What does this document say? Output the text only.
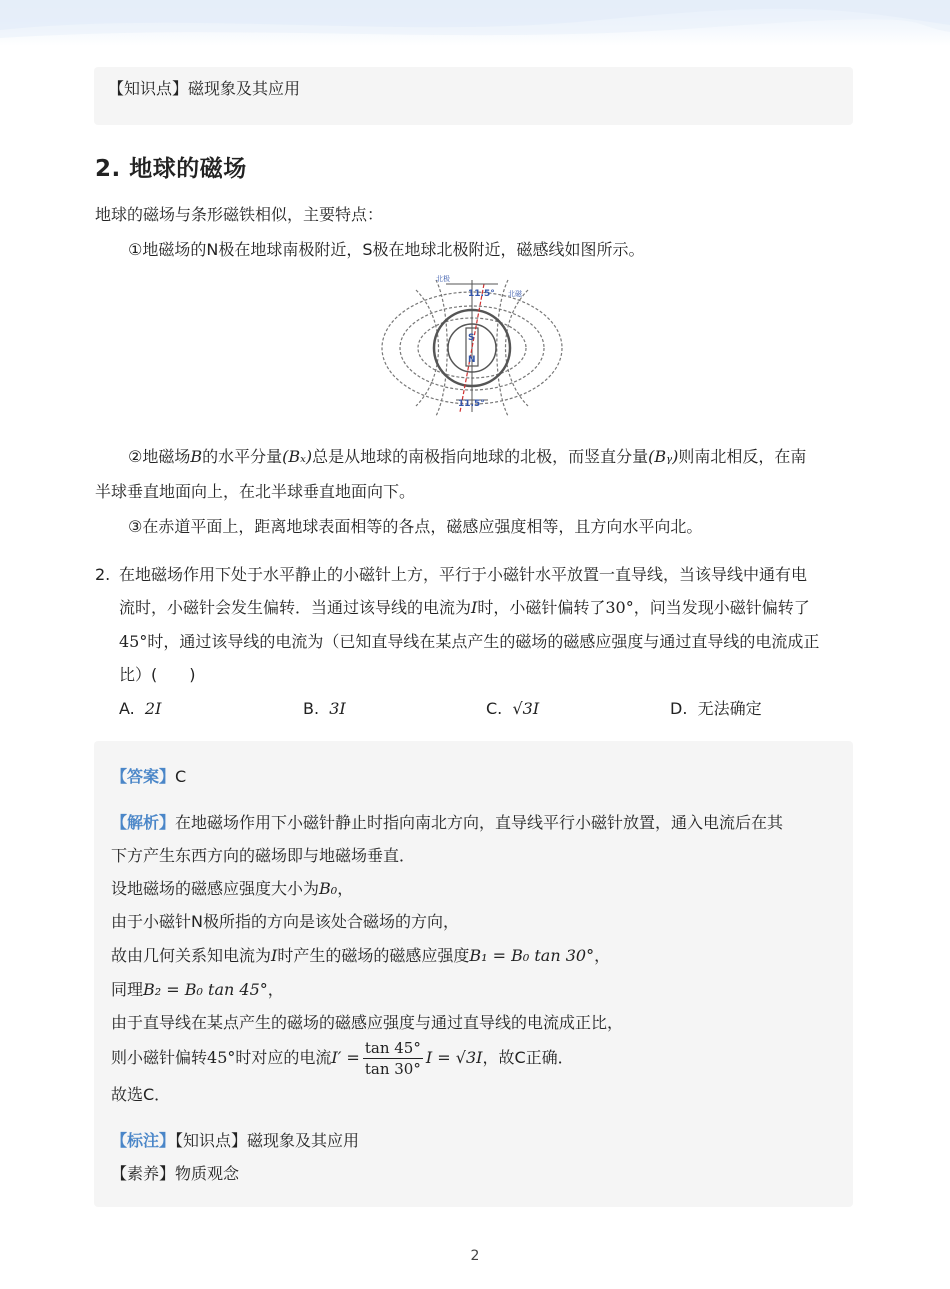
【知识点】磁现象及其应用
2. 地球的磁场
地球的磁场与条形磁铁相似，主要特点：
①地磁场的N极在地球南极附近，S极在地球北极附近，磁感线如图所示。
S
N
11.5°
11.5°
北极
北磁
②地磁场B的水平分量(Bₓ)总是从地球的南极指向地球的北极，而竖直分量(Bᵧ)则南北相反，在南
半球垂直地面向上，在北半球垂直地面向下。
③在赤道平面上，距离地球表面相等的各点，磁感应强度相等，且方向水平向北。
2. 在地磁场作用下处于水平静止的小磁针上方，平行于小磁针水平放置一直导线，当该导线中通有电
流时，小磁针会发生偏转．当通过该导线的电流为I时，小磁针偏转了30°，问当发现小磁针偏转了
45°时，通过该导线的电流为（已知直导线在某点产生的磁场的磁感应强度与通过直导线的电流成正
比）(　　)
A. 2I	B. 3I	C. √3I	D. 无法确定
【答案】C
【解析】在地磁场作用下小磁针静止时指向南北方向，直导线平行小磁针放置，通入电流后在其
下方产生东西方向的磁场即与地磁场垂直．
设地磁场的磁感应强度大小为B₀，
由于小磁针N极所指的方向是该处合磁场的方向，
故由几何关系知电流为I时产生的磁场的磁感应强度B₁ = B₀ tan 30°，
同理B₂ = B₀ tan 45°，
由于直导线在某点产生的磁场的磁感应强度与通过直导线的电流成正比，
则小磁针偏转45°时对应的电流$I' = \frac{\tan 45^\circ}{\tan 30^\circ}$ I = √3I，故C正确．
故选C．
【标注】【知识点】磁现象及其应用
【素养】物质观念
2
